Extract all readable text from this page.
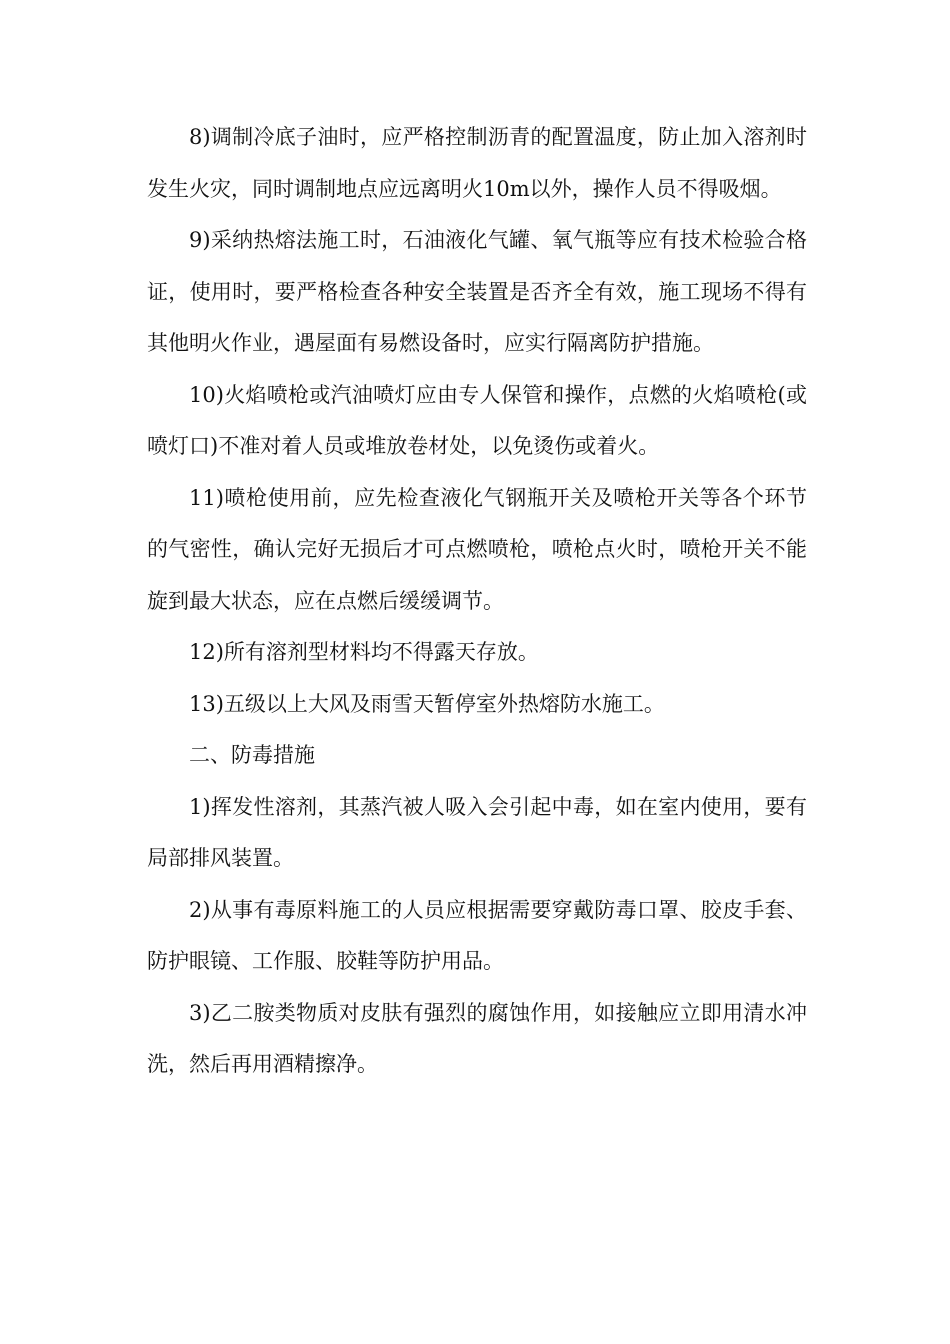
8)调制冷底子油时，应严格控制沥青的配置温度，防止加入溶剂时发生火灾，同时调制地点应远离明火10m以外，操作人员不得吸烟。

9)采纳热熔法施工时，石油液化气罐、氧气瓶等应有技术检验合格证，使用时，要严格检查各种安全装置是否齐全有效，施工现场不得有其他明火作业，遇屋面有易燃设备时，应实行隔离防护措施。

10)火焰喷枪或汽油喷灯应由专人保管和操作，点燃的火焰喷枪(或喷灯口)不准对着人员或堆放卷材处，以免烫伤或着火。

11)喷枪使用前，应先检查液化气钢瓶开关及喷枪开关等各个环节的气密性，确认完好无损后才可点燃喷枪，喷枪点火时，喷枪开关不能旋到最大状态，应在点燃后缓缓调节。

12)所有溶剂型材料均不得露天存放。

13)五级以上大风及雨雪天暂停室外热熔防水施工。

二、防毒措施

1)挥发性溶剂，其蒸汽被人吸入会引起中毒，如在室内使用，要有局部排风装置。

2)从事有毒原料施工的人员应根据需要穿戴防毒口罩、胶皮手套、防护眼镜、工作服、胶鞋等防护用品。

3)乙二胺类物质对皮肤有强烈的腐蚀作用，如接触应立即用清水冲洗，然后再用酒精擦净。
